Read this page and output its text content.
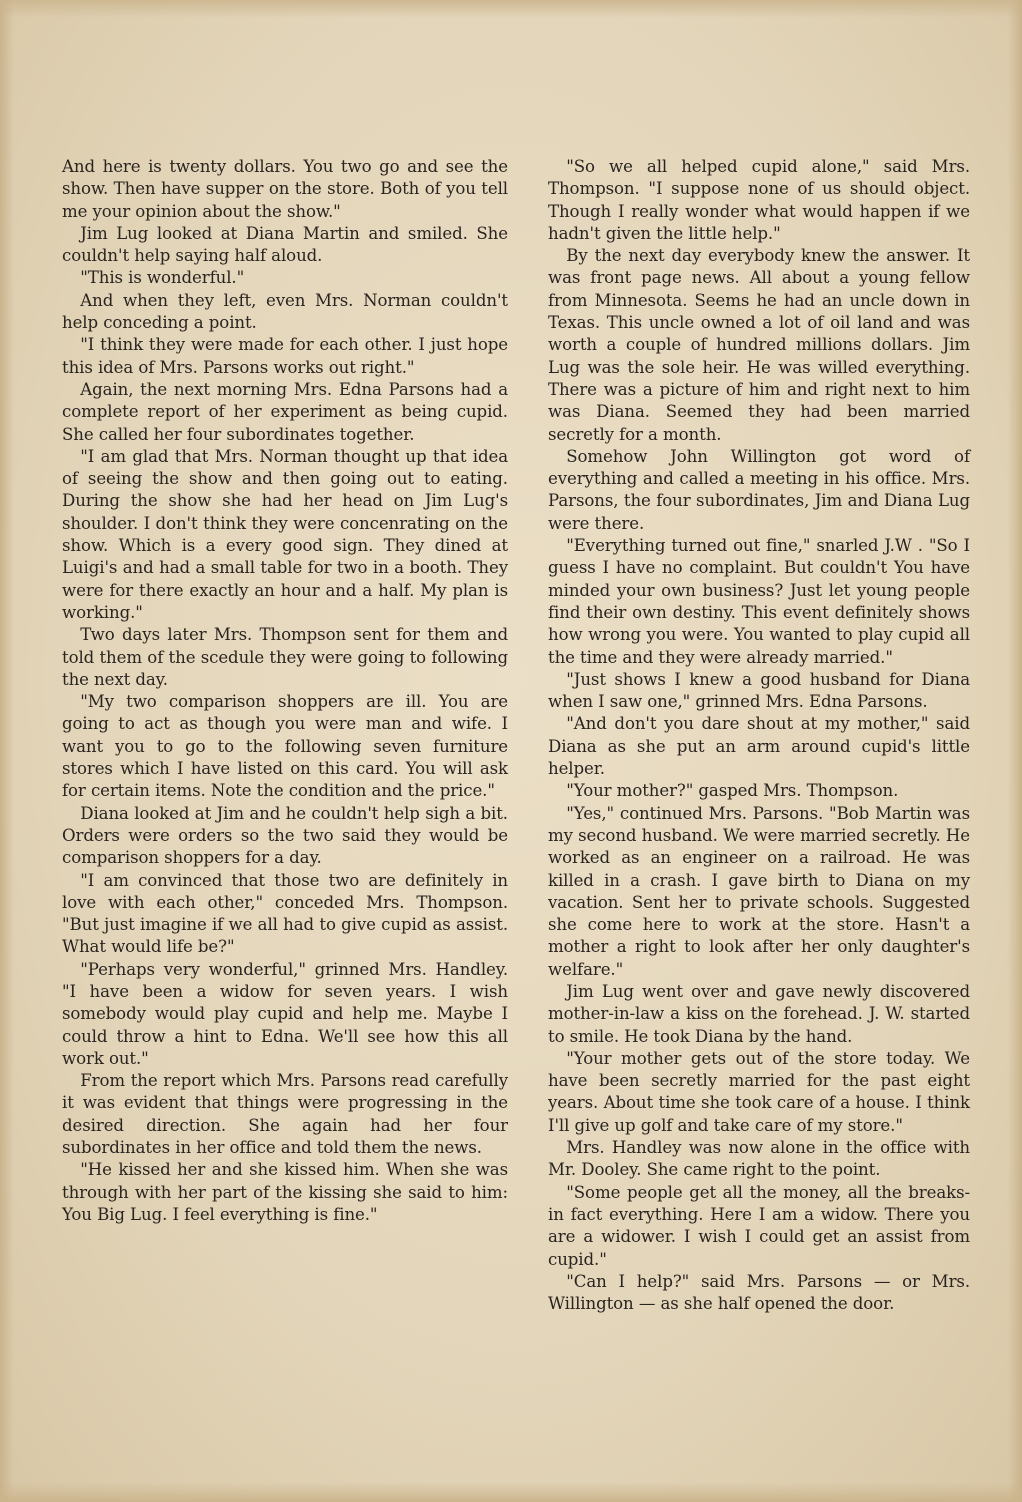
And here is twenty dollars. You two go and see the show. Then have supper on the store. Both of you tell me your opinion about the show."

Jim Lug looked at Diana Martin and smiled. She couldn't help saying half aloud.

"This is wonderful."

And when they left, even Mrs. Norman couldn't help conceding a point.

"I think they were made for each other. I just hope this idea of Mrs. Parsons works out right."

Again, the next morning Mrs. Edna Parsons had a complete report of her experiment as being cupid. She called her four subordinates together.

"I am glad that Mrs. Norman thought up that idea of seeing the show and then going out to eating. During the show she had her head on Jim Lug's shoulder. I don't think they were concenrating on the show. Which is a every good sign. They dined at Luigi's and had a small table for two in a booth. They were for there exactly an hour and a half. My plan is working."

Two days later Mrs. Thompson sent for them and told them of the scedule they were going to following the next day.

"My two comparison shoppers are ill. You are going to act as though you were man and wife. I want you to go to the following seven furniture stores which I have listed on this card. You will ask for certain items. Note the condition and the price."

Diana looked at Jim and he couldn't help sigh a bit. Orders were orders so the two said they would be comparison shoppers for a day.

"I am convinced that those two are definitely in love with each other," conceded Mrs. Thompson. "But just imagine if we all had to give cupid as assist. What would life be?"

"Perhaps very wonderful," grinned Mrs. Handley. "I have been a widow for seven years. I wish somebody would play cupid and help me. Maybe I could throw a hint to Edna. We'll see how this all work out."

From the report which Mrs. Parsons read carefully it was evident that things were progressing in the desired direction. She again had her four subordinates in her office and told them the news.

"He kissed her and she kissed him. When she was through with her part of the kissing she said to him: You Big Lug. I feel everything is fine."

"So we all helped cupid alone," said Mrs. Thompson. "I suppose none of us should object. Though I really wonder what would happen if we hadn't given the little help."

By the next day everybody knew the answer. It was front page news. All about a young fellow from Minnesota. Seems he had an uncle down in Texas. This uncle owned a lot of oil land and was worth a couple of hundred millions dollars. Jim Lug was the sole heir. He was willed everything. There was a picture of him and right next to him was Diana. Seemed they had been married secretly for a month.

Somehow John Willington got word of everything and called a meeting in his office. Mrs. Parsons, the four subordinates, Jim and Diana Lug were there.

"Everything turned out fine," snarled J.W . "So I guess I have no complaint. But couldn't You have minded your own business? Just let young people find their own destiny. This event definitely shows how wrong you were. You wanted to play cupid all the time and they were already married."

"Just shows I knew a good husband for Diana when I saw one," grinned Mrs. Edna Parsons.

"And don't you dare shout at my mother," said Diana as she put an arm around cupid's little helper.

"Your mother?" gasped Mrs. Thompson.

"Yes," continued Mrs. Parsons. "Bob Martin was my second husband. We were married secretly. He worked as an engineer on a railroad. He was killed in a crash. I gave birth to Diana on my vacation. Sent her to private schools. Suggested she come here to work at the store. Hasn't a mother a right to look after her only daughter's welfare."

Jim Lug went over and gave newly discovered mother-in-law a kiss on the forehead. J. W. started to smile. He took Diana by the hand.

"Your mother gets out of the store today. We have been secretly married for the past eight years. About time she took care of a house. I think I'll give up golf and take care of my store."

Mrs. Handley was now alone in the office with Mr. Dooley. She came right to the point.

"Some people get all the money, all the breaks-in fact everything. Here I am a widow. There you are a widower. I wish I could get an assist from cupid."

"Can I help?" said Mrs. Parsons — or Mrs. Willington — as she half opened the door.
